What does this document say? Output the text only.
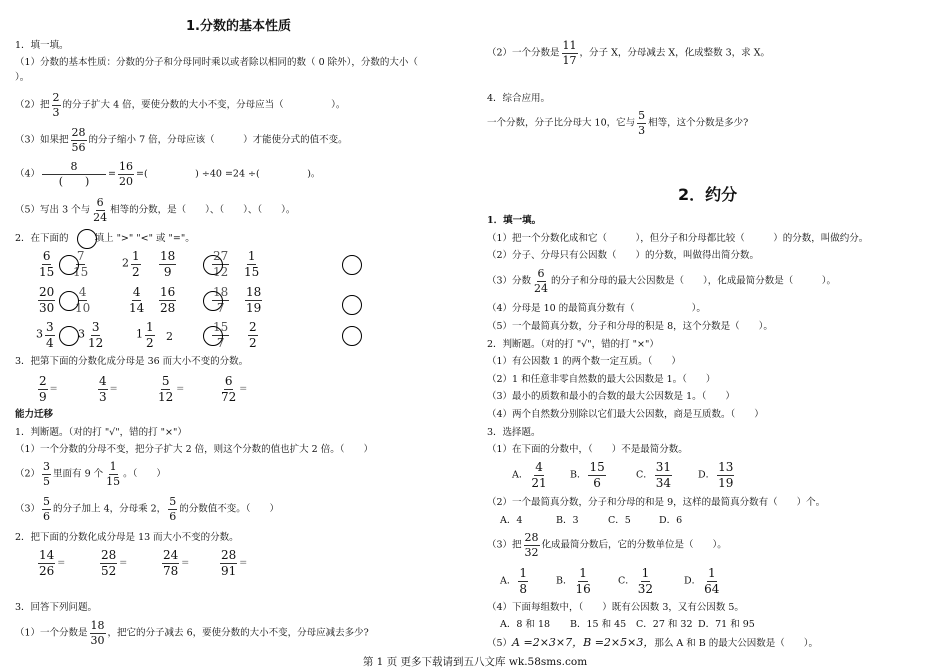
1.分数的基本性质
1．填一填。
（1）分数的基本性质：分数的分子和分母同时乘以或者除以相同的数（ 0 除外），分数的大小（
）。
（2）把 $\frac{2}{3}$ 的分子扩大 4 倍，要使分数的大小不变，分母应当（　　　　　）。
（3）如果把 $\frac{28}{56}$ 的分子缩小 7 倍，分母应该（　　　）才能使分式的值不变。
$(4) \frac{8}{( )} = \frac{16}{20}$ =(　　　　　) ÷40 =24 ÷(　　　　　)。
（5）写出 3 个与 $\frac{6}{24}$ 相等的分数，是（　　）、（　　）、（　　）。
2．在下面的	填上 ">" "<" 或 "="。
$\frac{6}{15} \frac{7}{15}$	$2 \frac{1}{2} \frac{18}{9}$	$\frac{27}{12} \frac{1}{15}$
$\frac{20}{30} \frac{4}{10}$	$\frac{4}{14} \frac{16}{28}$	$\frac{18}{7} \frac{18}{19}$
$3 \frac{3}{4} 3 \frac{3}{12}$	$1 \frac{1}{2} 2$	$\frac{15}{7} \frac{2}{2}$
3．把第下面的分数化成分母是 36 而大小不变的分数。
$\frac{2}{9}$ =	$\frac{4}{3}$ =	$\frac{5}{12}$ =	$\frac{6}{72}$ =
能力迁移
1．判断题。（对的打 "√"，错的打 "×"）
（1）一个分数的分母不变，把分子扩大 2 倍，则这个分数的值也扩大 2 倍。（　　）
$(2) \frac{3}{5}$ 里面有 9 个 $\frac{1}{15}$ 。（　　）
$(3) \frac{5}{6}$ 的分子加上 4，分母乘 2， $\frac{5}{6}$ 的分数值不变。（　　）
2．把下面的分数化成分母是 13 而大小不变的分数。
$\frac{14}{26}$ =	$\frac{28}{52}$ =	$\frac{24}{78}$ =	$\frac{28}{91}$ =
3．回答下列问题。
（1）一个分数是 $\frac{18}{30}$ ，把它的分子减去 6，要使分数的大小不变，分母应减去多少?
（2）一个分数是 $\frac{11}{17}$ ，分子 X，分母减去 X，化成整数 3，求 X。
4．综合应用。
一个分数，分子比分母大 10，它与 $\frac{5}{3}$ 相等，这个分数是多少?
2．约分
1．填一填。
（1）把一个分数化成和它（　　　），但分子和分母都比较（　　　）的分数，叫做约分。
（2）分子、分母只有公因数（　　）的分数，叫做得出简分数。
（3）分数 $\frac{6}{24}$ 的分子和分母的最大公因数是（　　），化成最简分数是（　　　）。
（4）分母是 10 的最简真分数有（　　　　　　）。
（5）一个最简真分数，分子和分母的积是 8，这个分数是（　　）。
2．判断题。（对的打 "√"，错的打 "×"）
（1）有公因数 1 的两个数一定互质。（　　）
（2）1 和任意非零自然数的最大公因数是 1。（　　）
（3）最小的质数和最小的合数的最大公因数是 1。（　　）
（4）两个自然数分别除以它们最大公因数，商是互质数。（　　）
3．选择题。
（1）在下面的分数中，（　　）不是最简分数。
A． $\frac{4}{21}$ B． $\frac{15}{6}$	C． $\frac{31}{34}$	D． $\frac{13}{19}$
（2）一个最简真分数，分子和分母的和是 9，这样的最简真分数有（　　）个。
A．4	B．3	C．5	D．6
（3）把 $\frac{28}{32}$ 化成最简分数后，它的分数单位是（　　）。
A． $\frac{1}{8}$	B． $\frac{1}{16}$	C． $\frac{1}{32}$	D． $\frac{1}{64}$
（4）下面每组数中，（　　）既有公因数 3，又有公因数 5。
A．8 和 18 B．15 和 45 C．27 和 32 D．71 和 95
（5）A =2×3×7，B =2×5×3，那么 A 和 B 的最大公因数是（　　）。
第 1 页 更多下载请到五八文库 wk.58sms.com
